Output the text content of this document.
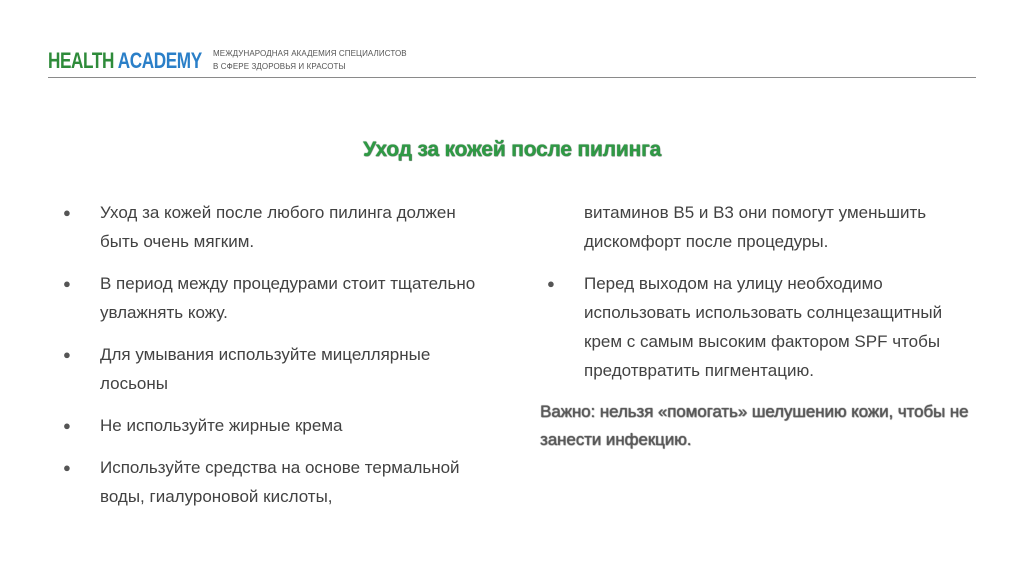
HEALTH ACADEMY МЕЖДУНАРОДНАЯ АКАДЕМИЯ СПЕЦИАЛИСТОВ
В СФЕРЕ ЗДОРОВЬЯ И КРАСОТЫ
Уход за кожей после пилинга
● Уход за кожей после любого пилинга должен быть очень мягким.
● В период между процедурами стоит тщательно увлажнять кожу.
● Для умывания используйте мицеллярные лосьоны
● Не используйте жирные крема
● Используйте средства на основе термальной воды, гиалуроновой кислоты,
витаминов B5 и B3 они помогут уменьшить дискомфорт после процедуры.
● Перед выходом на улицу необходимо использовать использовать солнцезащитный крем с самым высоким фактором SPF чтобы предотвратить пигментацию.
Важно: нельзя «помогать» шелушению кожи, чтобы не занести инфекцию.
